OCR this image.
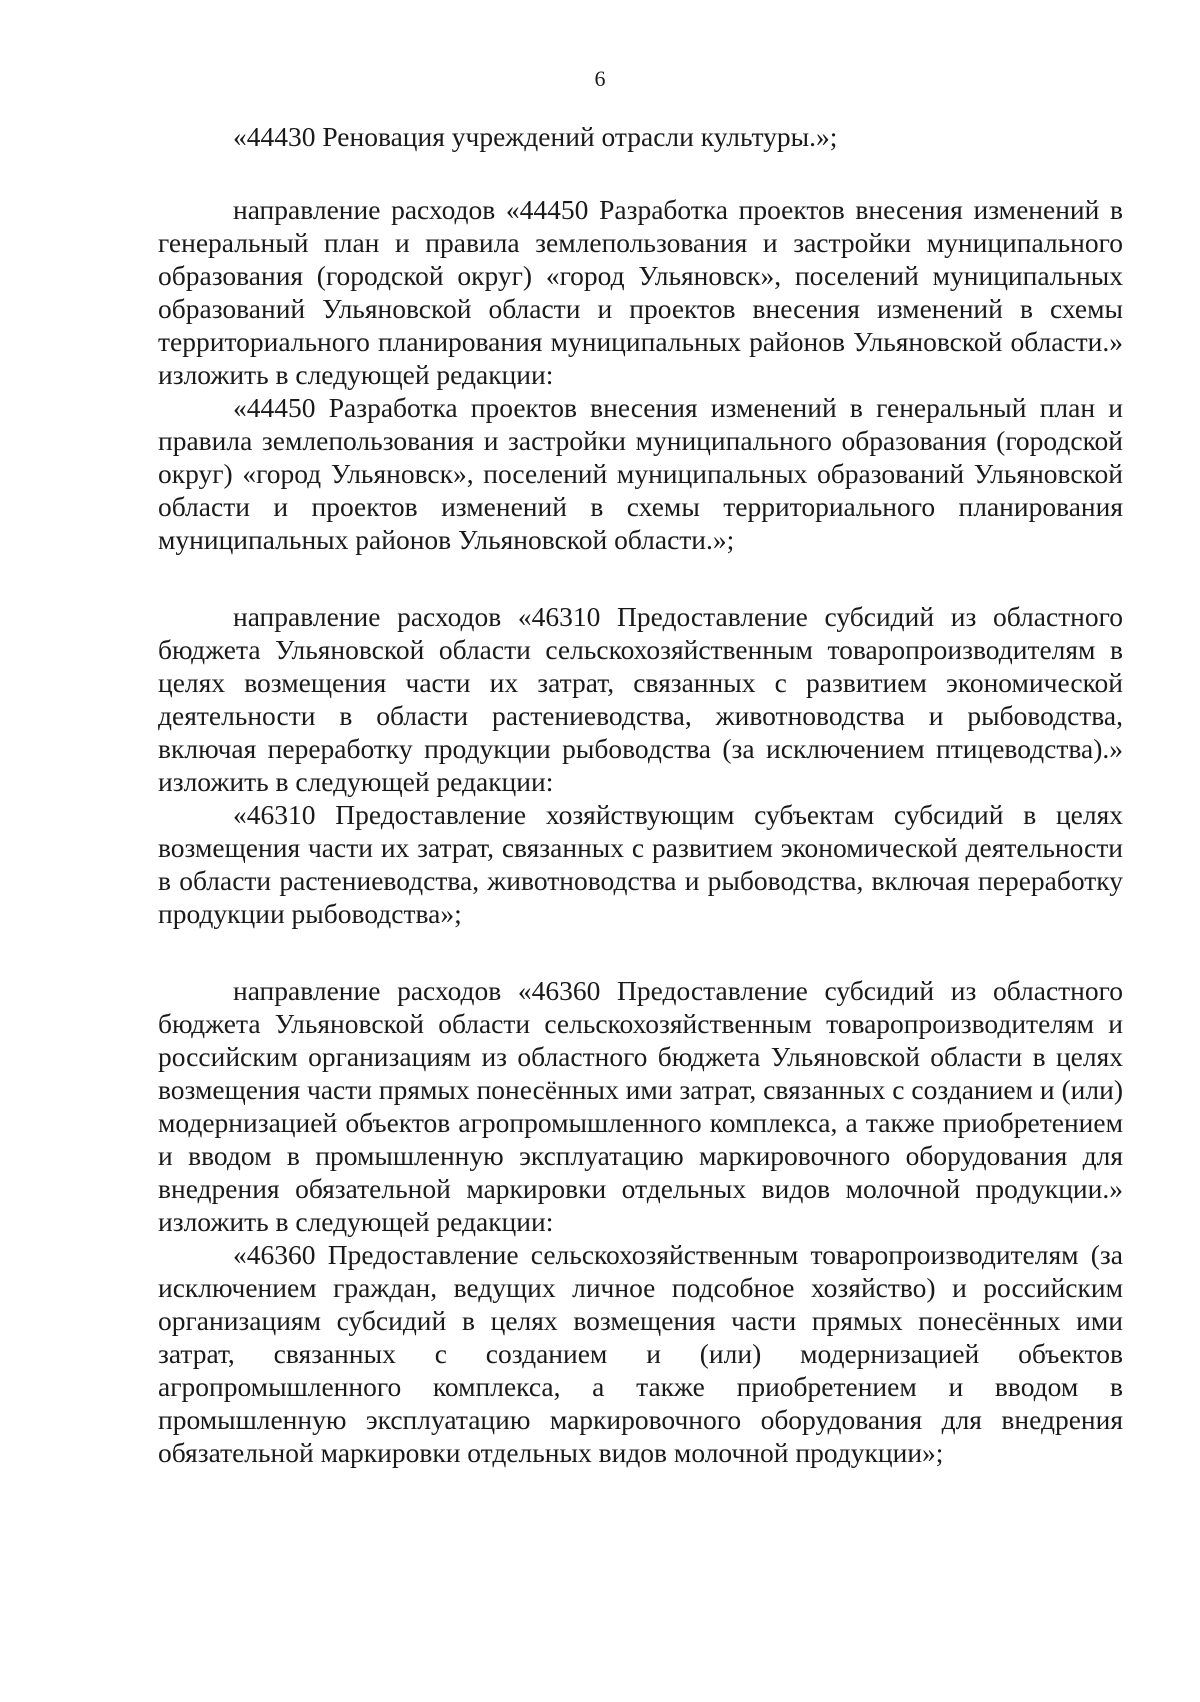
6

«44430 Реновация учреждений отрасли культуры.»;

направление расходов «44450 Разработка проектов внесения изменений в генеральный план и правила землепользования и застройки муниципального образования (городской округ) «город Ульяновск», поселений муниципальных образований Ульяновской области и проектов внесения изменений в схемы территориального планирования муниципальных районов Ульяновской области.» изложить в следующей редакции:

«44450 Разработка проектов внесения изменений в генеральный план и правила землепользования и застройки муниципального образования (городской округ) «город Ульяновск», поселений муниципальных образований Ульяновской области и проектов изменений в схемы территориального планирования муниципальных районов Ульяновской области.»;

направление расходов «46310 Предоставление субсидий из областного бюджета Ульяновской области сельскохозяйственным товаропроизводителям в целях возмещения части их затрат, связанных с развитием экономической деятельности в области растениеводства, животноводства и рыбоводства, включая переработку продукции рыбоводства (за исключением птицеводства).» изложить в следующей редакции:

«46310 Предоставление хозяйствующим субъектам субсидий в целях возмещения части их затрат, связанных с развитием экономической деятельности в области растениеводства, животноводства и рыбоводства, включая переработку продукции рыбоводства»;

направление расходов «46360 Предоставление субсидий из областного бюджета Ульяновской области сельскохозяйственным товаропроизводителям и российским организациям из областного бюджета Ульяновской области в целях возмещения части прямых понесённых ими затрат, связанных с созданием и (или) модернизацией объектов агропромышленного комплекса, а также приобретением и вводом в промышленную эксплуатацию маркировочного оборудования для внедрения обязательной маркировки отдельных видов молочной продукции.» изложить в следующей редакции:

«46360 Предоставление сельскохозяйственным товаропроизводителям (за исключением граждан, ведущих личное подсобное хозяйство) и российским организациям субсидий в целях возмещения части прямых понесённых ими затрат, связанных с созданием и (или) модернизацией объектов агропромышленного комплекса, а также приобретением и вводом в промышленную эксплуатацию маркировочного оборудования для внедрения обязательной маркировки отдельных видов молочной продукции»;
